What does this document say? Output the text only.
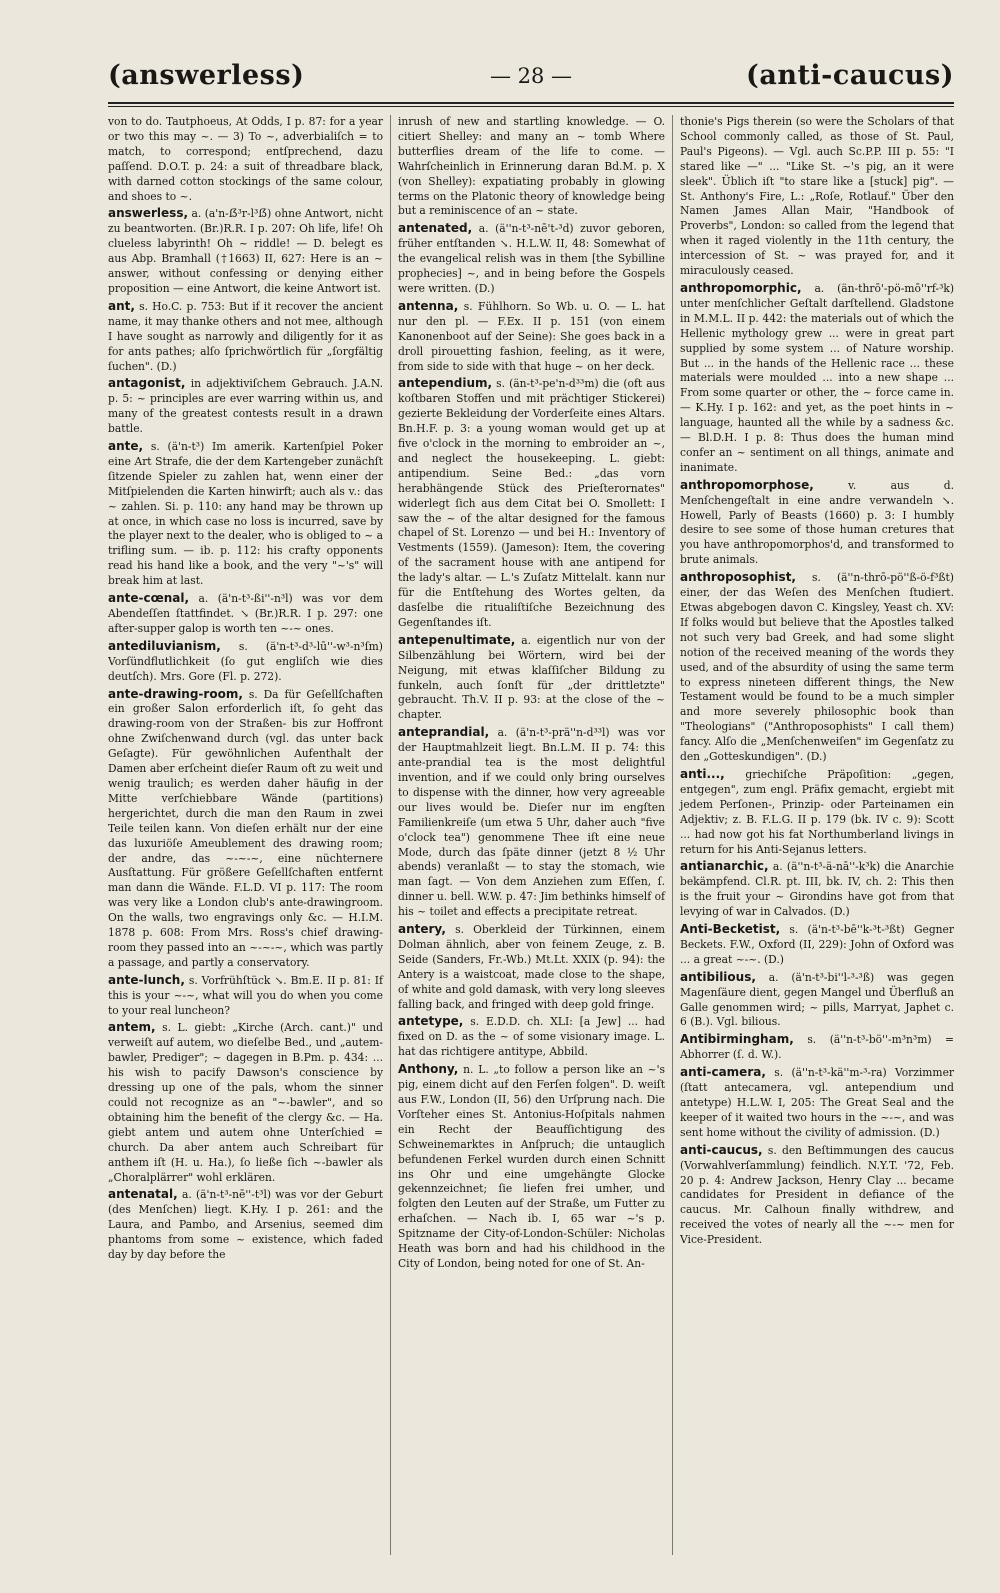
(answerless)	— 28 —	(anti-caucus)

von to do. Tautphoeus, At Odds, I p. 87: for a year or two this may ~. — 3) To ~, adverbialiſch = to match, to correspond; entſprechend, dazu paſſend. D.O.T. p. 24: a suit of threadbare black, with darned cotton stockings of the same colour, and shoes to ~.

answerless, a. (a'n-ẞ³r-l³ẞ) ohne Antwort, nicht zu beantworten. (Br.)R.R. I p. 207: Oh life, life! Oh clueless labyrinth! Oh ~ riddle! — D. belegt es aus Abp. Bramhall (†1663) II, 627: Here is an ~ answer, without confessing or denying either proposition — eine Antwort, die keine Antwort ist.

ant, s. Ho.C. p. 753: But if it recover the ancient name, it may thanke others and not mee, although I have sought as narrowly and diligently for it as for ants pathes; alſo ſprichwörtlich für „ſorgfältig ſuchen". (D.)

antagonist, in adjektiviſchem Gebrauch. J.A.N. p. 5: ~ principles are ever warring within us, and many of the greatest contests result in a drawn battle.

ante, s. (ä'n-t³) Im amerik. Kartenſpiel Poker eine Art Strafe, die der dem Kartengeber zunächſt ſitzende Spieler zu zahlen hat, wenn einer der Mitſpielenden die Karten hinwirft; auch als v.: das ~ zahlen. Si. p. 110: any hand may be thrown up at once, in which case no loss is incurred, save by the player next to the dealer, who is obliged to ~ a trifling sum. — ib. p. 112: his crafty opponents read his hand like a book, and the very "~'s" will break him at last.

ante-cœnal, a. (ä'n-t³-ßi''-n³l) was vor dem Abendeſſen ſtattfindet. ↘ (Br.)R.R. I p. 297: one after-supper galop is worth ten ~-~ ones.

antediluvianism, s. (ä'n-t³-d³-lū''-w³-n³ſm) Vorſündflutlichkeit (ſo gut engliſch wie dies deutſch). Mrs. Gore (Fl. p. 272).

ante-drawing-room, s. Da für Geſellſchaften ein großer Salon erforderlich iſt, ſo geht das drawing-room von der Straßen- bis zur Hoffront ohne Zwiſchenwand durch (vgl. das unter back Geſagte). Für gewöhnlichen Aufenthalt der Damen aber erſcheint dieſer Raum oft zu weit und wenig traulich; es werden daher häufig in der Mitte verſchiebbare Wände (partitions) hergerichtet, durch die man den Raum in zwei Teile teilen kann. Von dieſen erhält nur der eine das luxuriöſe Ameublement des drawing room; der andre, das ~-~-~, eine nüchternere Ausſtattung. Für größere Geſellſchaften entfernt man dann die Wände. F.L.D. VI p. 117: The room was very like a London club's ante-drawingroom. On the walls, two engravings only &c. — H.I.M. 1878 p. 608: From Mrs. Ross's chief drawing-room they passed into an ~-~-~, which was partly a passage, and partly a conservatory.

ante-lunch, s. Vorfrühſtück ↘. Bm.E. II p. 81: If this is your ~-~, what will you do when you come to your real luncheon?

antem, s. L. giebt: „Kirche (Arch. cant.)" und verweiſt auf autem, wo dieſelbe Bed., und „autem-bawler, Prediger"; ~ dagegen in B.Pm. p. 434: ... his wish to pacify Dawson's conscience by dressing up one of the pals, whom the sinner could not recognize as an "~-bawler", and so obtaining him the benefit of the clergy &c. — Ha. giebt antem und autem ohne Unterſchied = church. Da aber antem auch Schreibart für anthem iſt (H. u. Ha.), ſo ließe ſich ~-bawler als „Choralplärrer" wohl erklären.

antenatal, a. (ä'n-t³-nē''-t³l) was vor der Geburt (des Menſchen) liegt. K.Hy. I p. 261: and the Laura, and Pambo, and Arsenius, seemed dim phantoms from some ~ existence, which faded day by day before the

inrush of new and startling knowledge. — O. citiert Shelley: and many an ~ tomb Where butterflies dream of the life to come. — Wahrſcheinlich in Erinnerung daran Bd.M. p. X (von Shelley): expatiating probably in glowing terms on the Platonic theory of knowledge being but a reminiscence of an ~ state.

antenated, a. (ä''n-t³-nē't-³d) zuvor geboren, früher entſtanden ↘. H.L.W. II, 48: Somewhat of the evangelical relish was in them [the Sybilline prophecies] ~, and in being before the Gospels were written. (D.)

antenna, s. Fühlhorn. So Wb. u. O. — L. hat nur den pl. — F.Ex. II p. 151 (von einem Kanonenboot auf der Seine): She goes back in a droll pirouetting fashion, feeling, as it were, from side to side with that huge ~ on her deck.

antependium, s. (än-t³-pe'n-d³³m) die (oft aus koſtbaren Stoffen und mit prächtiger Stickerei) gezierte Bekleidung der Vorderſeite eines Altars. Bn.H.F. p. 3: a young woman would get up at five o'clock in the morning to embroider an ~, and neglect the housekeeping. L. giebt: antipendium. Seine Bed.: „das vorn herabhängende Stück des Prieſterornates" widerlegt ſich aus dem Citat bei O. Smollett: I saw the ~ of the altar designed for the famous chapel of St. Lorenzo — und bei H.: Inventory of Vestments (1559). (Jameson): Item, the covering of the sacrament house with ane antipend for the lady's altar. — L.'s Zuſatz Mittelalt. kann nur für die Entſtehung des Wortes gelten, da dasſelbe die ritualiſtiſche Bezeichnung des Gegenſtandes iſt.

antepenultimate, a. eigentlich nur von der Silbenzählung bei Wörtern, wird bei der Neigung, mit etwas klaſſiſcher Bildung zu funkeln, auch ſonſt für „der drittletzte" gebraucht. Th.V. II p. 93: at the close of the ~ chapter.

anteprandial, a. (ä'n-t³-prä''n-d³³l) was vor der Hauptmahlzeit liegt. Bn.L.M. II p. 74: this ante-prandial tea is the most delightful invention, and if we could only bring ourselves to dispense with the dinner, how very agreeable our lives would be. Dieſer nur im engſten Familienkreiſe (um etwa 5 Uhr, daher auch "five o'clock tea") genommene Thee iſt eine neue Mode, durch das ſpäte dinner (jetzt 8 ½ Uhr abends) veranlaßt — to stay the stomach, wie man ſagt. — Von dem Anziehen zum Eſſen, ſ. dinner u. bell. W.W. p. 47: Jim bethinks himself of his ~ toilet and effects a precipitate retreat.

antery, s. Oberkleid der Türkinnen, einem Dolman ähnlich, aber von feinem Zeuge, z. B. Seide (Sanders, Fr.-Wb.) Mt.Lt. XXIX (p. 94): the Antery is a waistcoat, made close to the shape, of white and gold damask, with very long sleeves falling back, and fringed with deep gold fringe.

antetype, s. E.D.D. ch. XLI: [a Jew] ... had fixed on D. as the ~ of some visionary image. L. hat das richtigere antitype, Abbild.

Anthony, n. L. „to follow a person like an ~'s pig, einem dicht auf den Ferſen folgen". D. weiſt aus F.W., London (II, 56) den Urſprung nach. Die Vorſteher eines St. Antonius-Hoſpitals nahmen ein Recht der Beaufſichtigung des Schweinemarktes in Anſpruch; die untauglich befundenen Ferkel wurden durch einen Schnitt ins Ohr und eine umgehängte Glocke gekennzeichnet; ſie liefen frei umher, und folgten den Leuten auf der Straße, um Futter zu erhaſchen. — Nach ib. I, 65 war ~'s p. Spitzname der City-of-London-Schüler: Nicholas Heath was born and had his childhood in the City of London, being noted for one of St. An-

thonie's Pigs therein (so were the Scholars of that School commonly called, as those of St. Paul, Paul's Pigeons). — Vgl. auch Sc.P.P. III p. 55: "I stared like —" ... "Like St. ~'s pig, an it were sleek". Üblich iſt "to stare like a [stuck] pig". — St. Anthony's Fire, L.: „Roſe, Rotlauf." Über den Namen James Allan Mair, "Handbook of Proverbs", London: so called from the legend that when it raged violently in the 11th century, the intercession of St. ~ was prayed for, and it miraculously ceased.

anthropomorphic, a. (än-thrō'-pö-mō''rf-³k) unter menſchlicher Geſtalt darſtellend. Gladstone in M.M.L. II p. 442: the materials out of which the Hellenic mythology grew ... were in great part supplied by some system ... of Nature worship. But ... in the hands of the Hellenic race ... these materials were moulded ... into a new shape ... From some quarter or other, the ~ force came in. — K.Hy. I p. 162: and yet, as the poet hints in ~ language, haunted all the while by a sadness &c. — Bl.D.H. I p. 8: Thus does the human mind confer an ~ sentiment on all things, animate and inanimate.

anthropomorphose,	v. aus d. Menſchengeſtalt in eine andre verwandeln ↘. Howell, Parly of Beasts (1660) p. 3: I humbly desire to see some of those human cretures that you have anthropomorphos'd, and transformed to brute animals.

anthroposophist, s. (ä''n-thrō-pö''ß-ö-f³ßt) einer, der das Weſen des Menſchen ſtudiert. Etwas abgebogen davon C. Kingsley, Yeast ch. XV: If folks would but believe that the Apostles talked not such very bad Greek, and had some slight notion of the received meaning of the words they used, and of the absurdity of using the same term to express nineteen different things, the New Testament would be found to be a much simpler and more severely philosophic book than "Theologians" ("Anthroposophists" I call them) fancy. Alſo die „Menſchenweiſen" im Gegenſatz zu den „Gotteskundigen". (D.)

anti..., griechiſche Präpoſition: „gegen, entgegen", zum engl. Präfix gemacht, ergiebt mit jedem Perſonen-, Prinzip- oder Parteinamen ein Adjektiv; z. B. F.L.G. II p. 179 (bk. IV c. 9): Scott ... had now got his fat Northumberland livings in return for his Anti-Sejanus letters.

antianarchic, a. (ä''n-t³-ä-nā''-k³k) die Anarchie bekämpfend. Cl.R. pt. III, bk. IV, ch. 2: This then is the fruit your ~ Girondins have got from that levying of war in Calvados. (D.)

Anti-Becketist, s. (ä'n-t³-bē''k-³t-³ßt) Gegner Beckets. F.W., Oxford (II, 229): John of Oxford was ... a great ~-~. (D.)

antibilious, a. (ä'n-t³-bi''l-³-³ß) was gegen Magenſäure dient, gegen Mangel und Überfluß an Galle genommen wird; ~ pills, Marryat, Japhet c. 6 (B.). Vgl. bilious.

Antibirmingham, s. (ä''n-t³-bö''-m³n³m) = Abhorrer (ſ. d. W.).

anti-camera, s. (ä''n-t³-kä''m-³-ra) Vorzimmer (ſtatt antecamera, vgl. antependium und antetype) H.L.W. I, 205: The Great Seal and the keeper of it waited two hours in the ~-~, and was sent home without the civility of admission. (D.)

anti-caucus, s. den Beſtimmungen des caucus (Vorwahlverſammlung) feindlich. N.Y.T. '72, Feb. 20 p. 4: Andrew Jackson, Henry Clay ... became candidates for President in defiance of the caucus. Mr. Calhoun finally withdrew, and received the votes of nearly all the ~-~ men for Vice-President.
